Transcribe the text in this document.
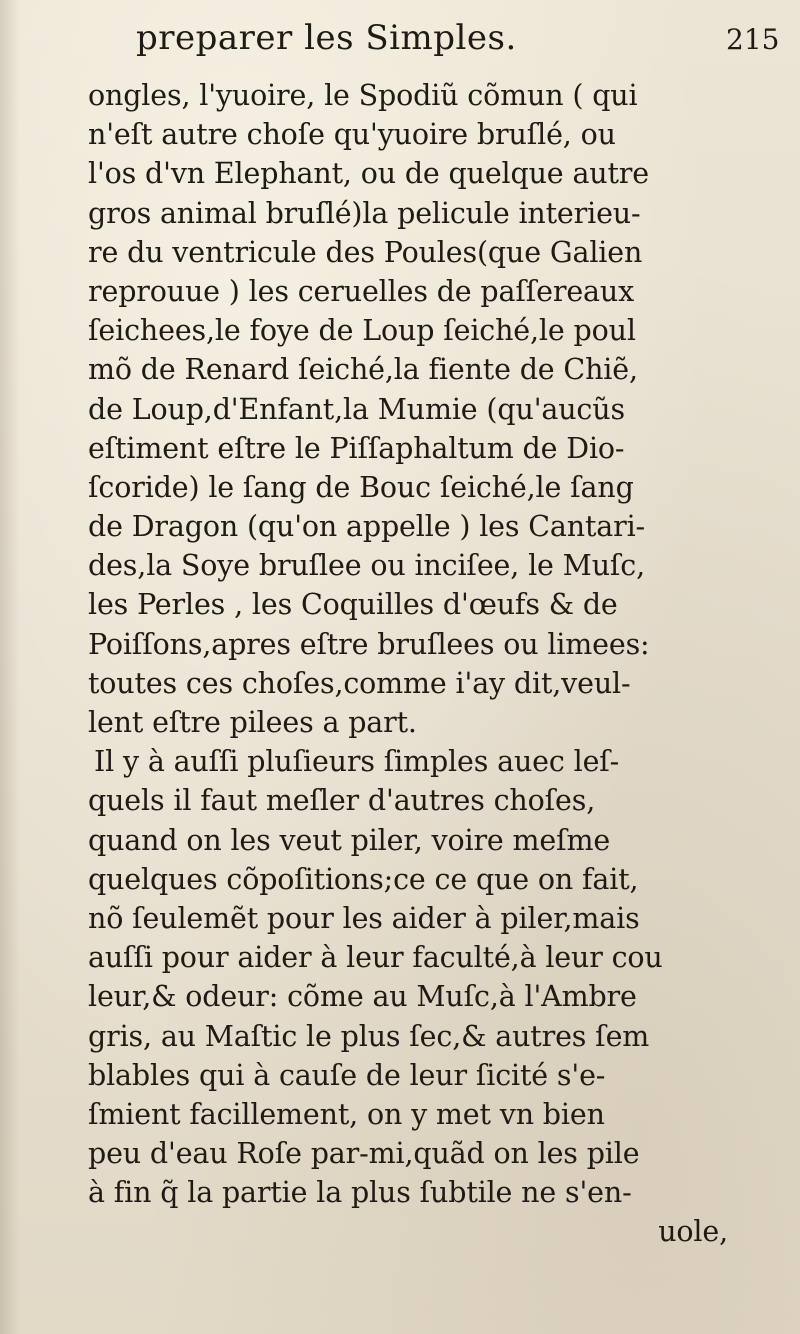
preparer les Simples.	215
ongles, l'yuoire, le Spodiũ cõmun ( qui
n'eſt autre choſe qu'yuoire bruſlé, ou
l'os d'vn Elephant, ou de quelque autre
gros animal bruſlé)la pelicule interieu-
re du ventricule des Poules(que Galien
reprouue ) les ceruelles de paſſereaux
ſeichees,le foye de Loup ſeiché,le poul
mõ de Renard ſeiché,la fiente de Chiẽ,
de Loup,d'Enfant,la Mumie (qu'aucũs
eſtiment eſtre le Piſſaphaltum de Dio-
ſcoride) le ſang de Bouc ſeiché,le ſang
de Dragon (qu'on appelle ) les Cantari-
des,la Soye bruſlee ou inciſee, le Muſc,
les Perles , les Coquilles d'œufs & de
Poiſſons,apres eſtre bruſlees ou limees:
toutes ces choſes,comme i'ay dit,veul-
lent eſtre pilees a part.
Il y à auſſi pluſieurs ſimples auec leſ-
quels il faut meſler d'autres choſes,
quand on les veut piler, voire meſme
quelques cõpoſitions;ce ce que on fait,
nõ ſeulemẽt pour les aider à piler,mais
auſſi pour aider à leur faculté,à leur cou
leur,& odeur: cõme au Muſc,à l'Ambre
gris, au Maſtic le plus ſec,& autres ſem
blables qui à cauſe de leur ſicité s'e-
ſmient facillement, on y met vn bien
peu d'eau Roſe par-mi,quãd on les pile
à fin q̃ la partie la plus ſubtile ne s'en-
uole,
